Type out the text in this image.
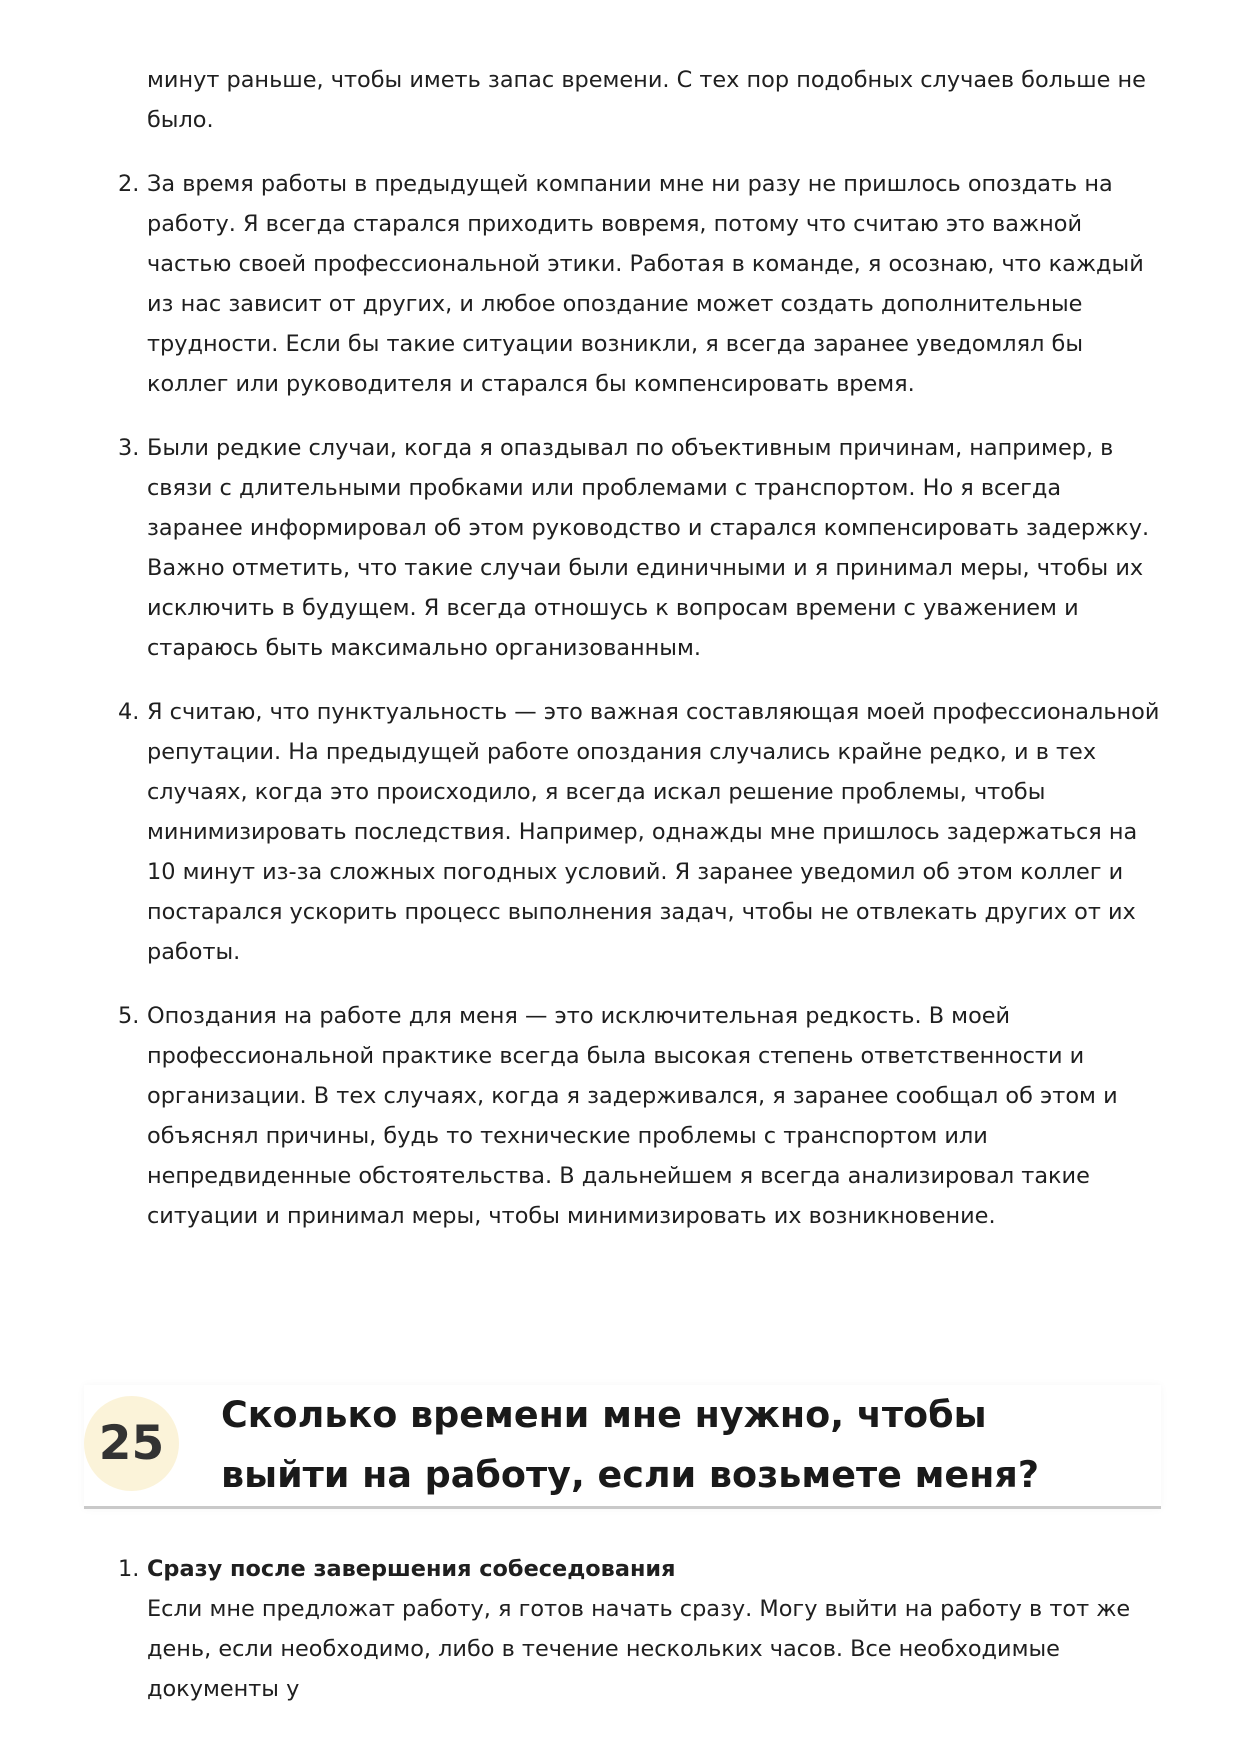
минут раньше, чтобы иметь запас времени. С тех пор подобных случаев больше не было.

2. За время работы в предыдущей компании мне ни разу не пришлось опоздать на работу. Я всегда старался приходить вовремя, потому что считаю это важной частью своей профессиональной этики. Работая в команде, я осознаю, что каждый из нас зависит от других, и любое опоздание может создать дополнительные трудности. Если бы такие ситуации возникли, я всегда заранее уведомлял бы коллег или руководителя и старался бы компенсировать время.

3. Были редкие случаи, когда я опаздывал по объективным причинам, например, в связи с длительными пробками или проблемами с транспортом. Но я всегда заранее информировал об этом руководство и старался компенсировать задержку. Важно отметить, что такие случаи были единичными и я принимал меры, чтобы их исключить в будущем. Я всегда отношусь к вопросам времени с уважением и стараюсь быть максимально организованным.

4. Я считаю, что пунктуальность — это важная составляющая моей профессиональной репутации. На предыдущей работе опоздания случались крайне редко, и в тех случаях, когда это происходило, я всегда искал решение проблемы, чтобы минимизировать последствия. Например, однажды мне пришлось задержаться на 10 минут из-за сложных погодных условий. Я заранее уведомил об этом коллег и постарался ускорить процесс выполнения задач, чтобы не отвлекать других от их работы.

5. Опоздания на работе для меня — это исключительная редкость. В моей профессиональной практике всегда была высокая степень ответственности и организации. В тех случаях, когда я задерживался, я заранее сообщал об этом и объяснял причины, будь то технические проблемы с транспортом или непредвиденные обстоятельства. В дальнейшем я всегда анализировал такие ситуации и принимал меры, чтобы минимизировать их возникновение.

25
Сколько времени мне нужно, чтобы выйти на работу, если возьмете меня?
1. Сразу после завершения собеседования

Если мне предложат работу, я готов начать сразу. Могу выйти на работу в тот же день, если необходимо, либо в течение нескольких часов. Все необходимые документы у
